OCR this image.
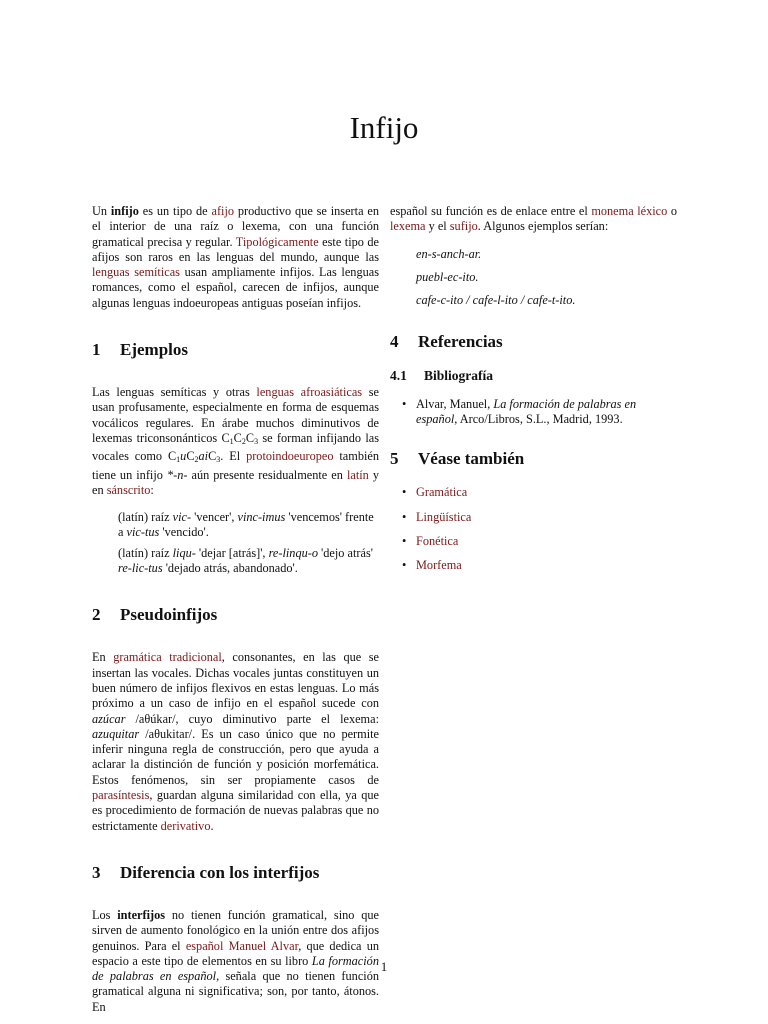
Infijo

Un infijo es un tipo de afijo productivo que se inserta en el interior de una raíz o lexema, con una función gramatical precisa y regular. Tipológicamente este tipo de afijos son raros en las lenguas del mundo, aunque las lenguas semíticas usan ampliamente infijos. Las lenguas romances, como el español, carecen de infijos, aunque algunas lenguas indoeuropeas antiguas poseían infijos.

1 Ejemplos

Las lenguas semíticas y otras lenguas afroasiáticas se usan profusamente, especialmente en forma de esquemas vocálicos regulares. En árabe muchos diminutivos de lexemas triconsonánticos $C_1C_2C_3$ se forman infijando las vocales como $C_1uC_2aiC_3$. El protoindoeuropeo también tiene un infijo *-n- aún presente residualmente en latín y en sánscrito:

(latín) raíz vic- 'vencer', vinc-imus 'vencemos' frente a vic-tus 'vencido'.

(latín) raíz liqu- 'dejar [atrás]', re-linqu-o 'dejo atrás' re-lic-tus 'dejado atrás, abandonado'.

2 Pseudoinfijos

En gramática tradicional, consonantes, en las que se insertan las vocales. Dichas vocales juntas constituyen un buen número de infijos flexivos en estas lenguas. Lo más próximo a un caso de infijo en el español sucede con azúcar /aθúkar/, cuyo diminutivo parte el lexema: azuquitar /aθukitar/. Es un caso único que no permite inferir ninguna regla de construcción, pero que ayuda a aclarar la distinción de función y posición morfemática. Estos fenómenos, sin ser propiamente casos de parasíntesis, guardan alguna similaridad con ella, ya que es procedimiento de formación de nuevas palabras que no estrictamente derivativo.

3 Diferencia con los interfijos

Los interfijos no tienen función gramatical, sino que sirven de aumento fonológico en la unión entre dos afijos genuinos. Para el español Manuel Alvar, que dedica un espacio a este tipo de elementos en su libro La formación de palabras en español, señala que no tienen función gramatical alguna ni significativa; son, por tanto, átonos. En

español su función es de enlace entre el monema léxico o lexema y el sufijo. Algunos ejemplos serían:

en-s-anch-ar.

puebl-ec-ito.

cafe-c-ito / cafe-l-ito / cafe-t-ito.

4 Referencias
4.1 Bibliografía
• Alvar, Manuel, La formación de palabras en español, Arco/Libros, S.L., Madrid, 1993.
5 Véase también
• Gramática
• Lingüística
• Fonética
• Morfema
1
